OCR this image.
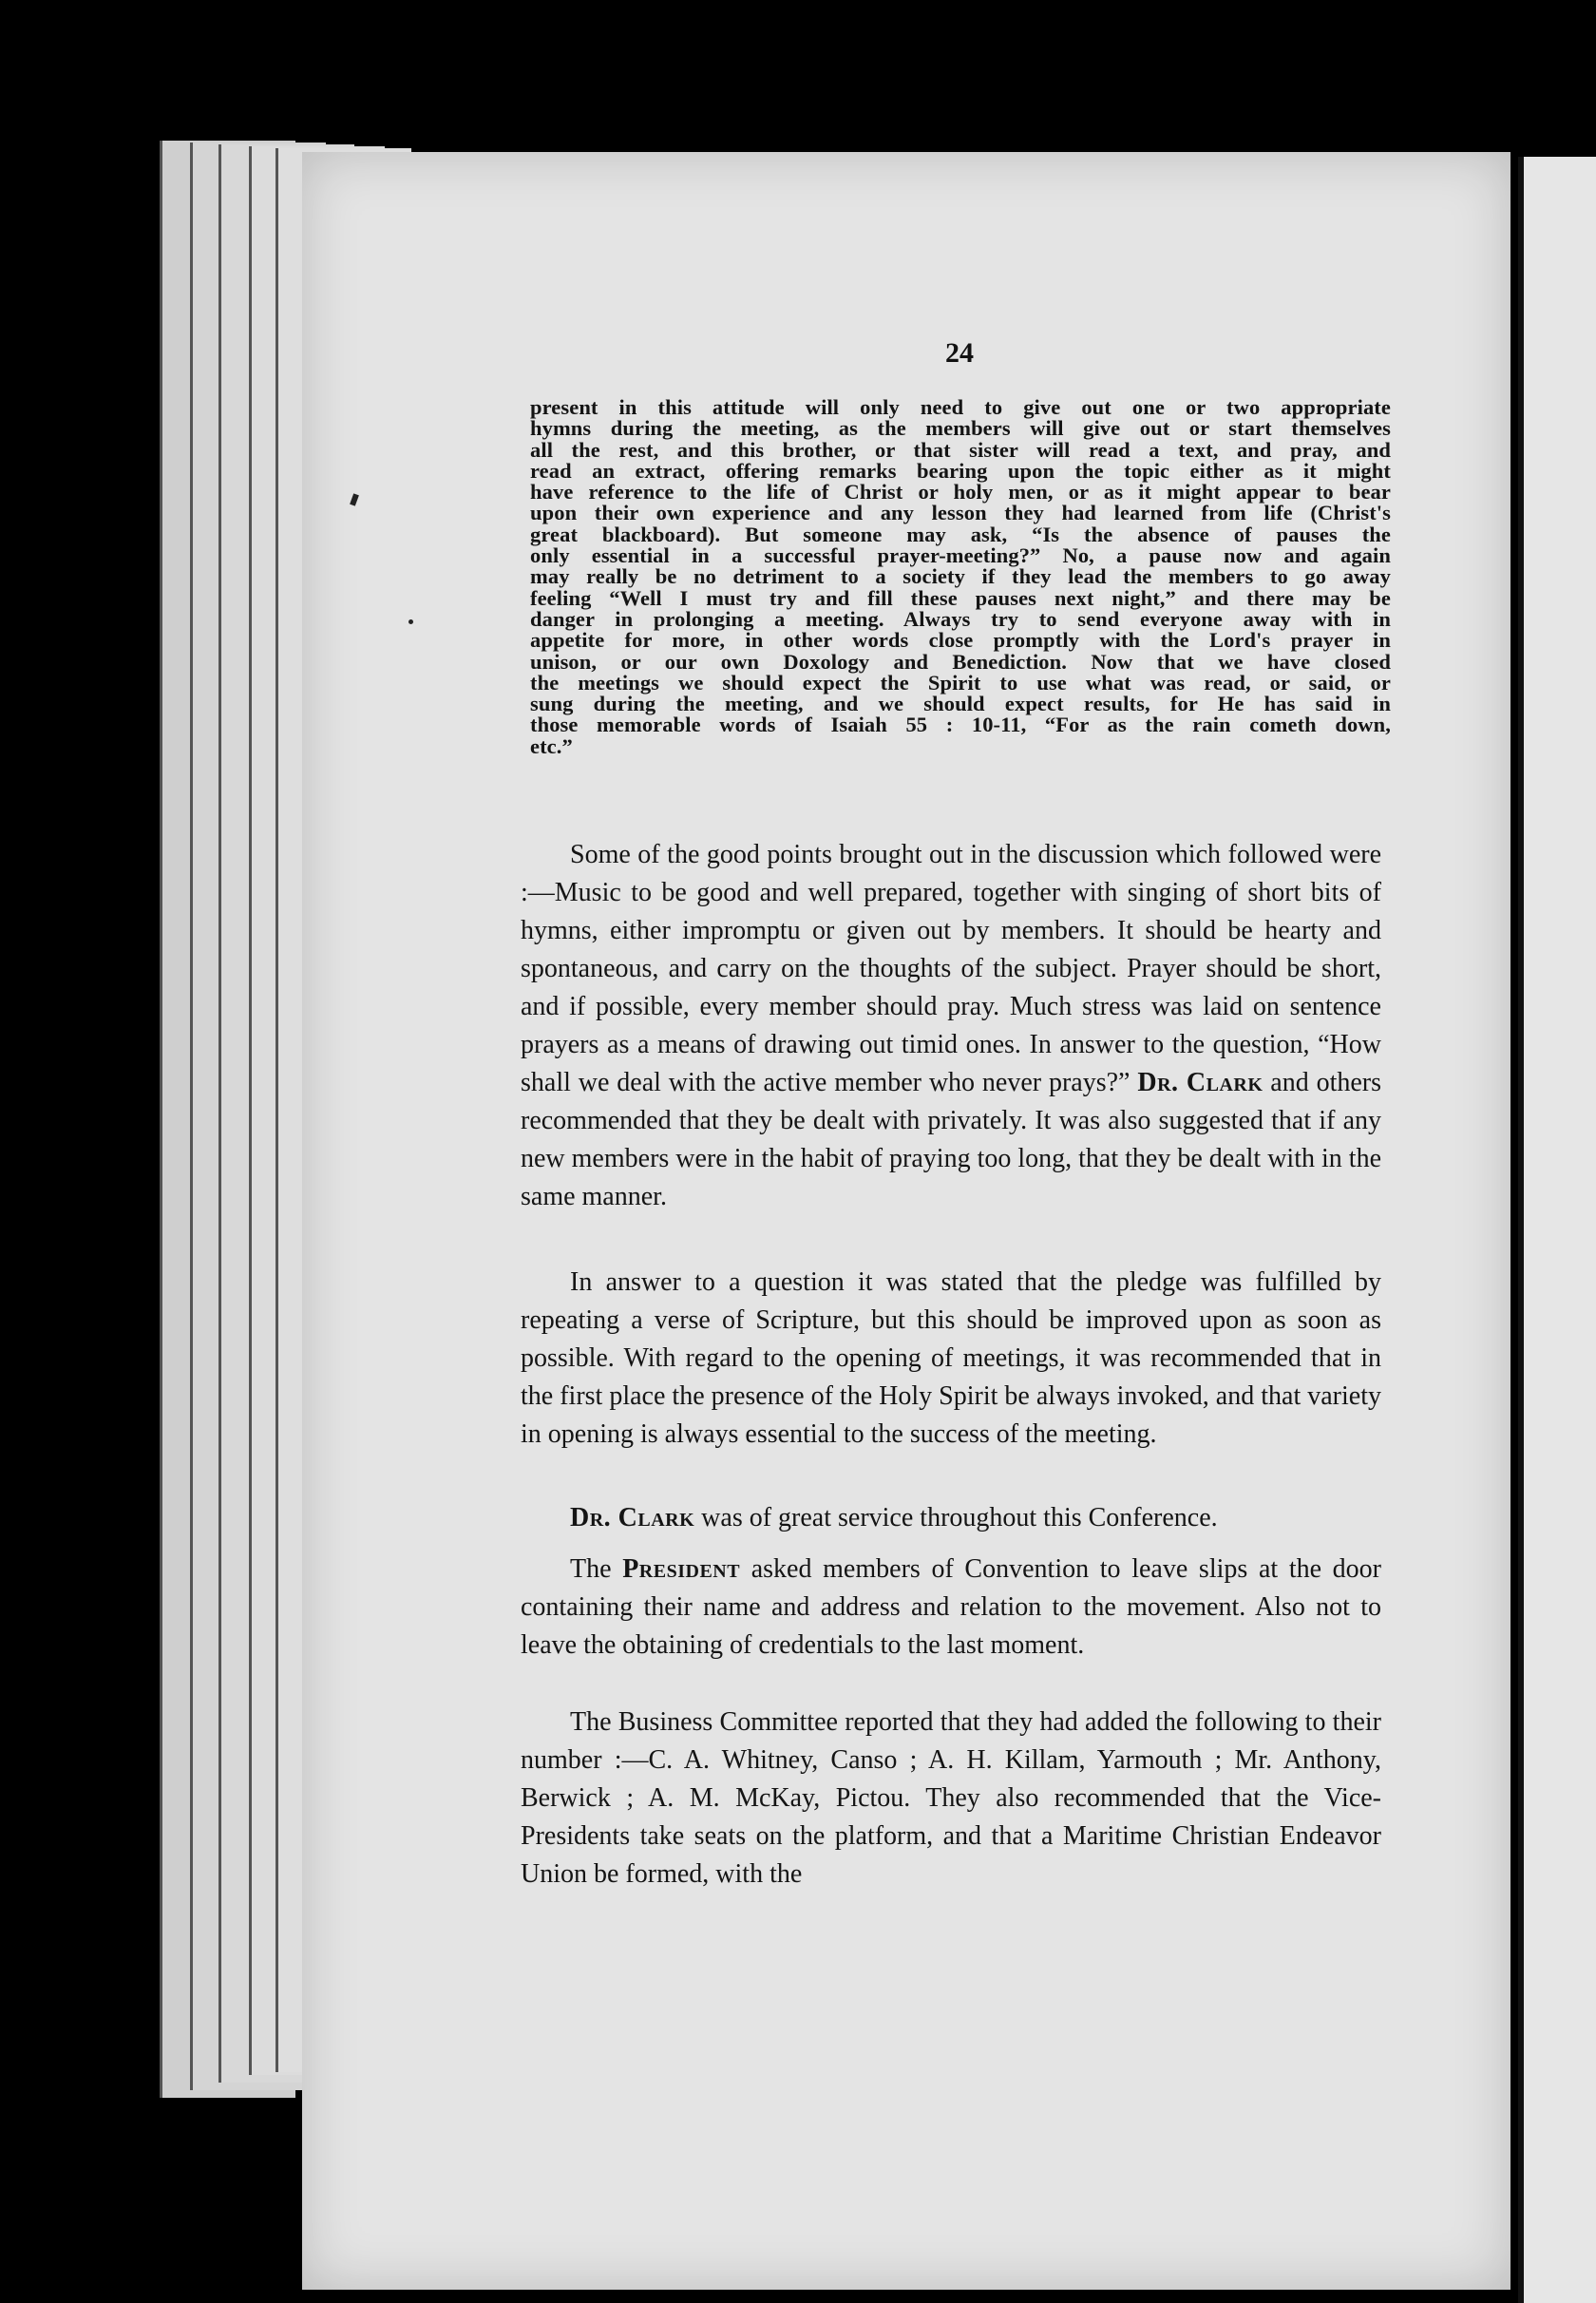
24
present in this attitude will only need to give out one or two appropriate
hymns during the meeting, as the members will give out or start themselves
all the rest, and this brother, or that sister will read a text, and pray, and
read an extract, offering remarks bearing upon the topic either as it might
have reference to the life of Christ or holy men, or as it might appear to bear
upon their own experience and any lesson they had learned from life (Christ's
great blackboard). But someone may ask, “Is the absence of pauses the
only essential in a successful prayer-meeting?” No, a pause now and again
may really be no detriment to a society if they lead the members to go away
feeling “Well I must try and fill these pauses next night,” and there may be
danger in prolonging a meeting. Always try to send everyone away with in
appetite for more, in other words close promptly with the Lord's prayer in
unison, or our own Doxology and Benediction. Now that we have closed
the meetings we should expect the Spirit to use what was read, or said, or
sung during the meeting, and we should expect results, for He has said in
those memorable words of Isaiah 55 : 10-11, “For as the rain cometh down,
etc.”

Some of the good points brought out in the discussion which followed were :—Music to be good and well prepared, together with singing of short bits of hymns, either impromptu or given out by members. It should be hearty and spontaneous, and carry on the thoughts of the subject. Prayer should be short, and if possible, every member should pray. Much stress was laid on sentence prayers as a means of drawing out timid ones. In answer to the question, “How shall we deal with the active member who never prays?” Dr. Clark and others recommended that they be dealt with privately. It was also suggested that if any new members were in the habit of praying too long, that they be dealt with in the same manner.

In answer to a question it was stated that the pledge was fulfilled by repeating a verse of Scripture, but this should be improved upon as soon as possible. With regard to the opening of meetings, it was recommended that in the first place the presence of the Holy Spirit be always invoked, and that variety in opening is always essential to the success of the meeting.

Dr. Clark was of great service throughout this Conference.

The President asked members of Convention to leave slips at the door containing their name and address and relation to the movement. Also not to leave the obtaining of credentials to the last moment.

The Business Committee reported that they had added the following to their number :—C. A. Whitney, Canso ; A. H. Killam, Yarmouth ; Mr. Anthony, Berwick ; A. M. McKay, Pictou. They also recommended that the Vice-Presidents take seats on the platform, and that a Maritime Christian Endeavor Union be formed, with the
